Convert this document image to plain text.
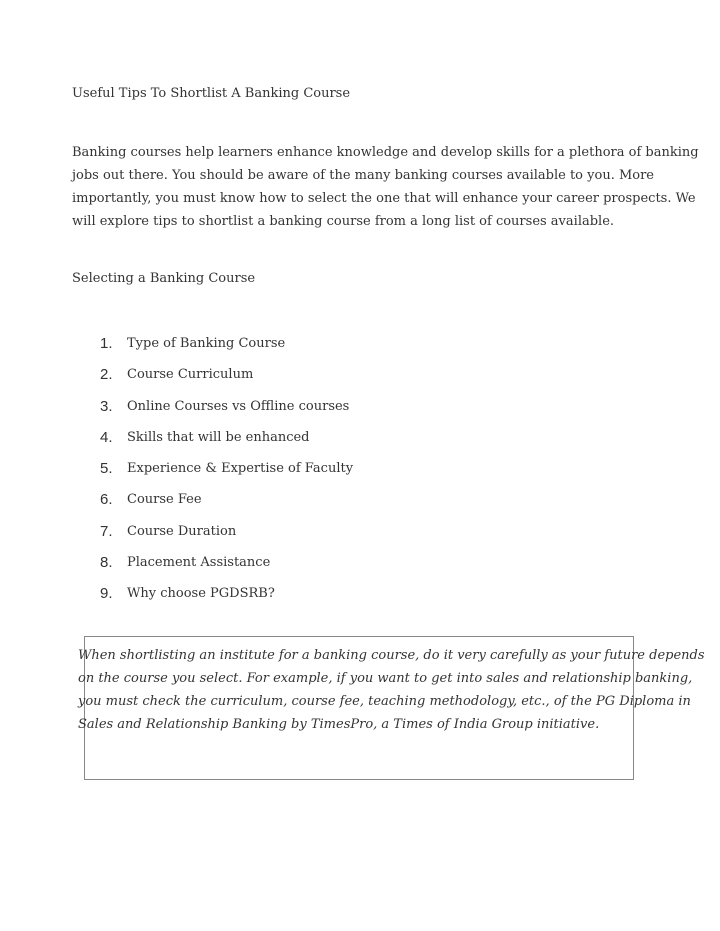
Useful Tips To Shortlist A Banking Course

Banking courses help learners enhance knowledge and develop skills for a plethora of banking
jobs out there. You should be aware of the many banking courses available to you. More
importantly, you must know how to select the one that will enhance your career prospects. We
will explore tips to shortlist a banking course from a long list of courses available.

Selecting a Banking Course
1.	Type of Banking Course
2.	Course Curriculum
3.	Online Courses vs Offline courses
4.	Skills that will be enhanced
5.	Experience & Expertise of Faculty
6.	Course Fee
7.	Course Duration
8.	Placement Assistance
9.	Why choose PGDSRB?

When shortlisting an institute for a banking course, do it very carefully as your future depends
on the course you select. For example, if you want to get into sales and relationship banking,
you must check the curriculum, course fee, teaching methodology, etc., of the PG Diploma in
Sales and Relationship Banking by TimesPro, a Times of India Group initiative.
